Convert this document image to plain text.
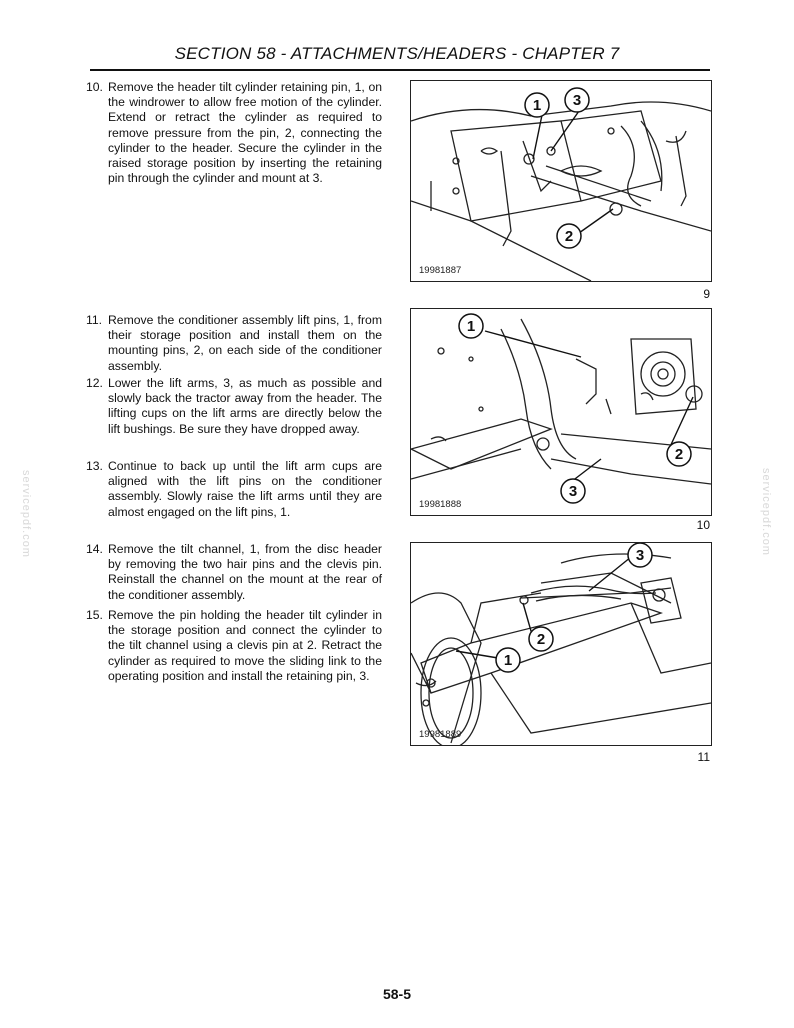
SECTION 58 - ATTACHMENTS/HEADERS - CHAPTER 7
10. Remove the header tilt cylinder retaining pin, 1, on the windrower to allow free motion of the cylinder. Extend or retract the cylinder as required to remove pressure from the pin, 2, connecting the cylinder to the header. Secure the cylinder in the raised storage position by inserting the retaining pin through the cylinder and mount at 3.
11. Remove the conditioner assembly lift pins, 1, from their storage position and install them on the mounting pins, 2, on each side of the conditioner assembly.
12. Lower the lift arms, 3, as much as possible and slowly back the tractor away from the header. The lifting cups on the lift arms are directly below the lift bushings. Be sure they have dropped away.
13. Continue to back up until the lift arm cups are aligned with the lift pins on the conditioner assembly. Slowly raise the lift arms until they are almost engaged on the lift pins, 1.
14. Remove the tilt channel, 1, from the disc header by removing the two hair pins and the clevis pin. Reinstall the channel on the mount at the rear of the conditioner assembly.
15. Remove the pin holding the header tilt cylinder in the storage position and connect the cylinder to the tilt channel using a clevis pin at 2. Retract the cylinder as required to move the sliding link to the operating position and install the retaining pin, 3.
1 3
2
19981887
9
1
2
3
19981888
10
3
2
1
19981889
11
servicepdf.com	servicepdf.com
58-5
